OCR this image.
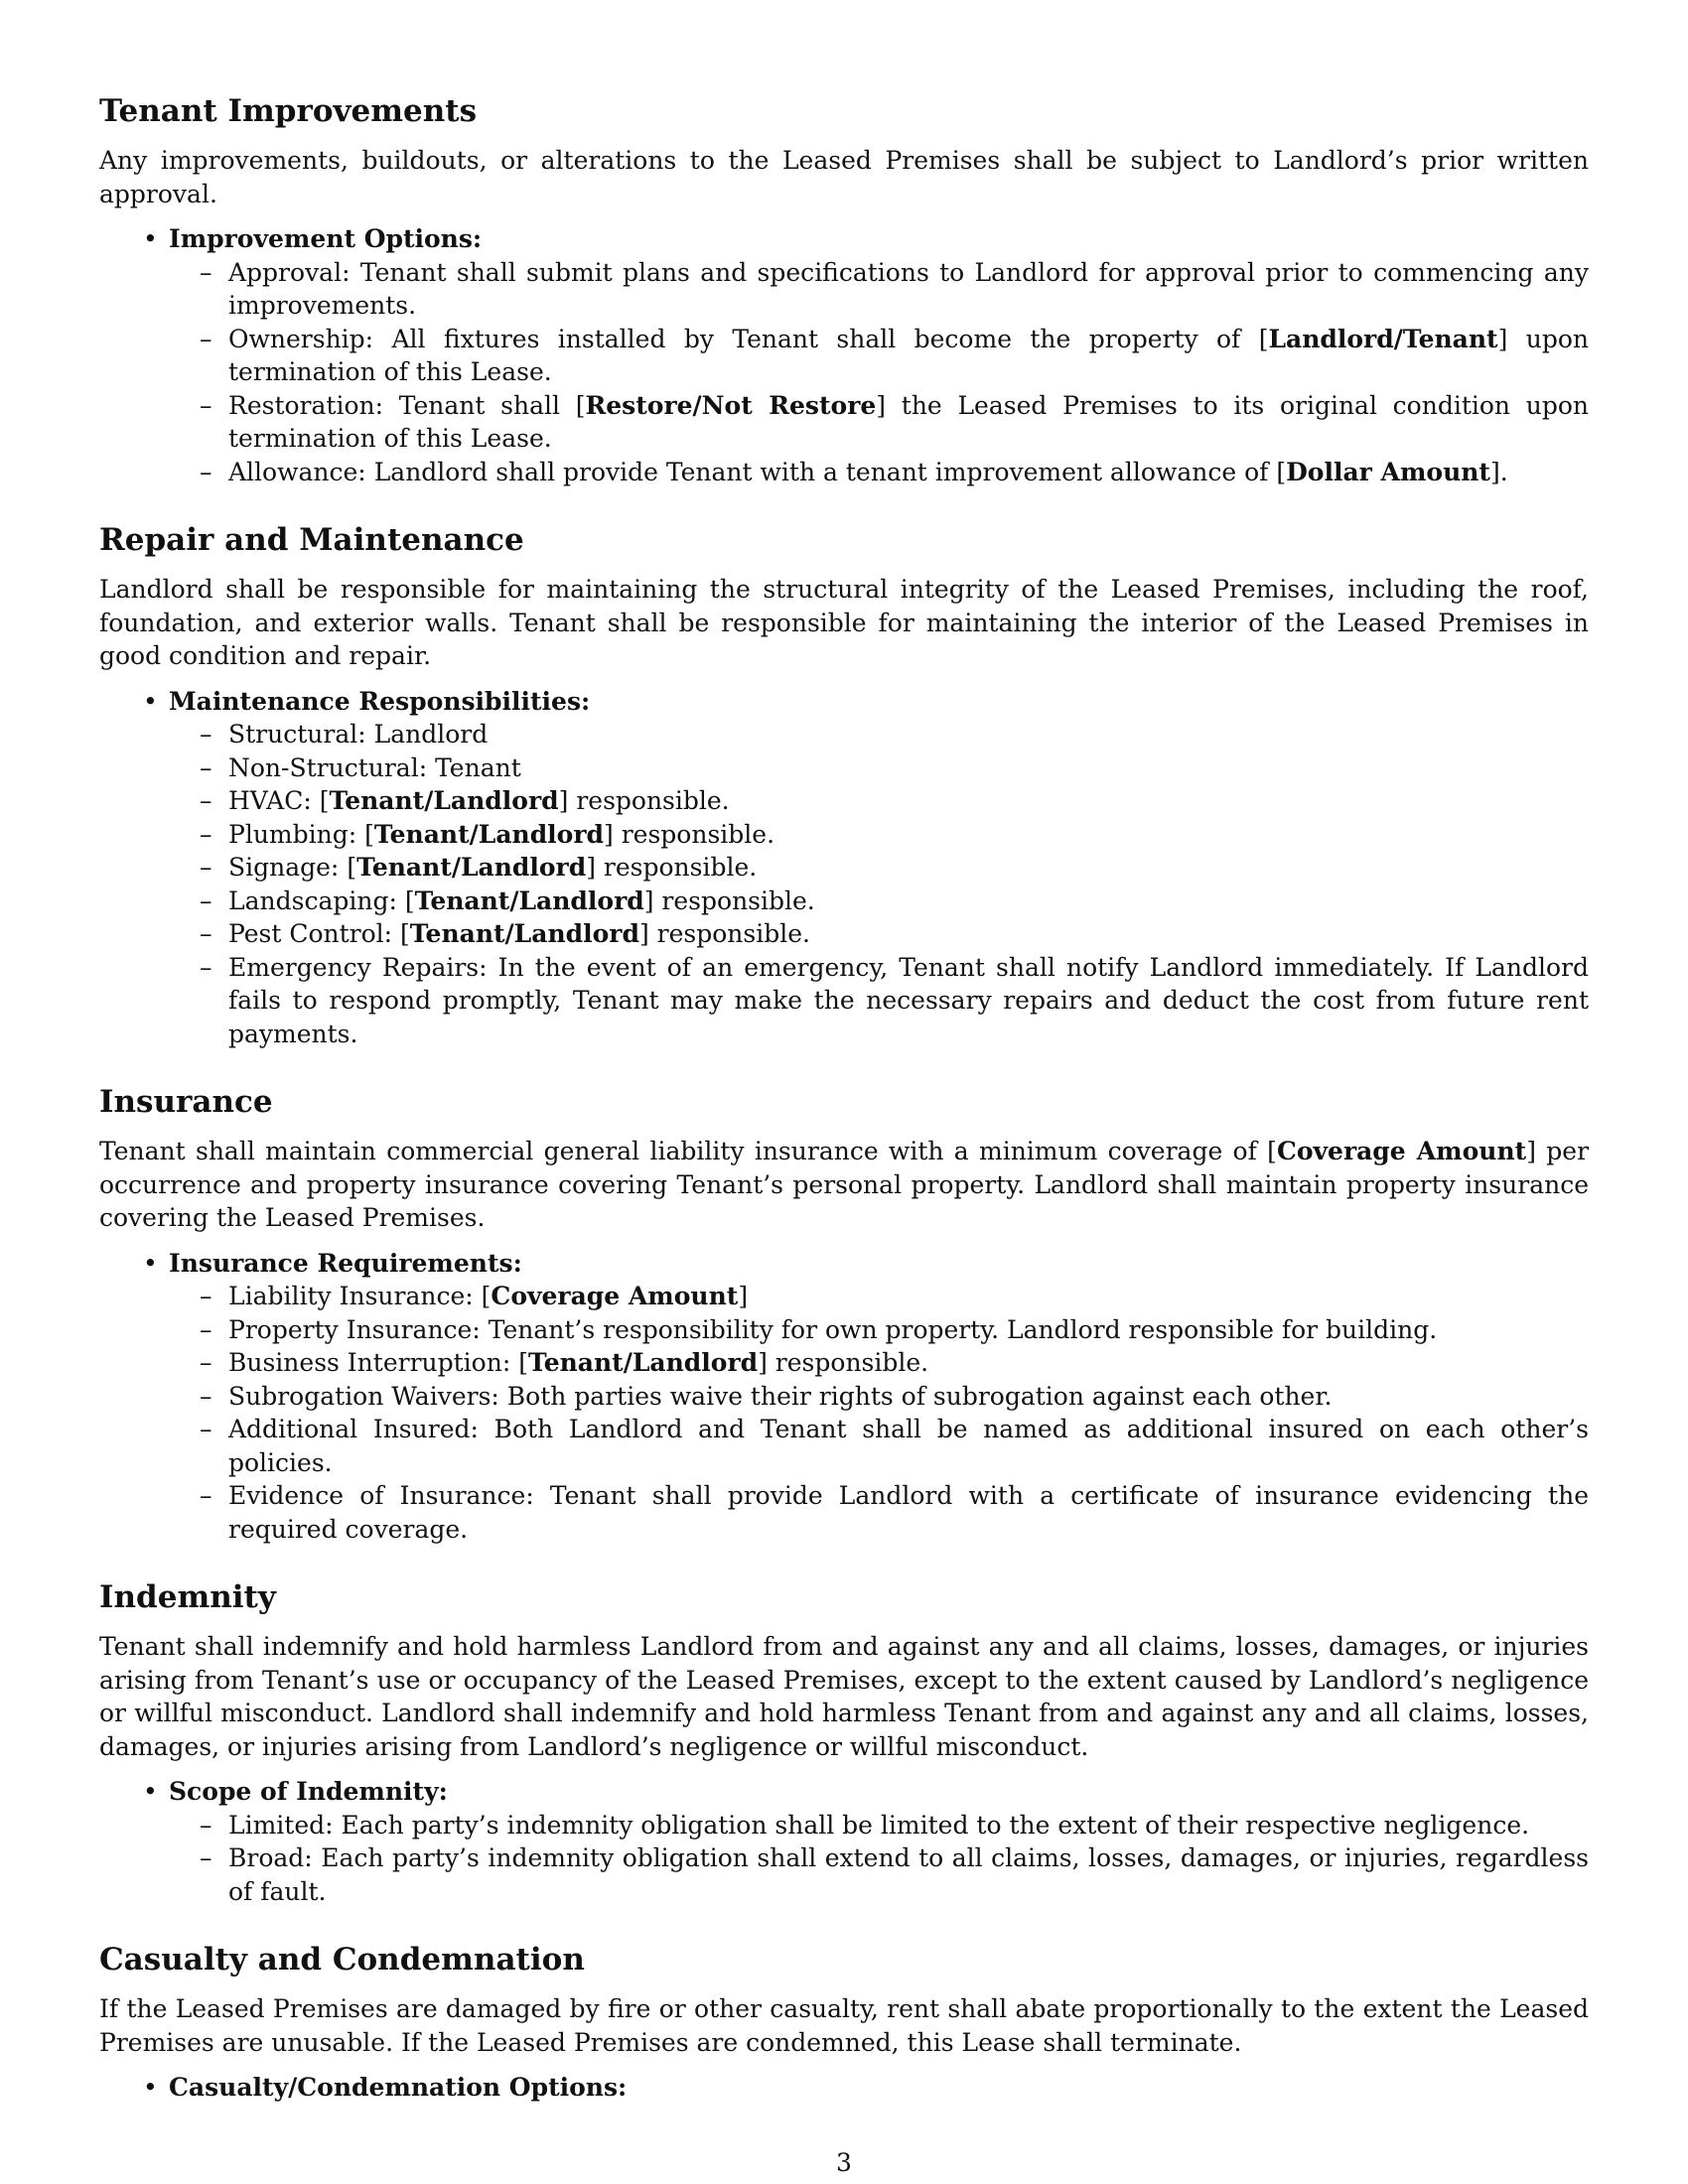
Tenant Improvements

Any improvements, buildouts, or alterations to the Leased Premises shall be subject to Landlord’s prior written approval.

• Improvement Options:
– Approval: Tenant shall submit plans and specifications to Landlord for approval prior to commencing any improvements.
– Ownership: All fixtures installed by Tenant shall become the property of [Landlord/Tenant] upon termination of this Lease.
– Restoration: Tenant shall [Restore/Not Restore] the Leased Premises to its original condition upon termination of this Lease.
– Allowance: Landlord shall provide Tenant with a tenant improvement allowance of [Dollar Amount].
Repair and Maintenance

Landlord shall be responsible for maintaining the structural integrity of the Leased Premises, including the roof, foundation, and exterior walls. Tenant shall be responsible for maintaining the interior of the Leased Premises in good condition and repair.

• Maintenance Responsibilities:
– Structural: Landlord
– Non-Structural: Tenant
– HVAC: [Tenant/Landlord] responsible.
– Plumbing: [Tenant/Landlord] responsible.
– Signage: [Tenant/Landlord] responsible.
– Landscaping: [Tenant/Landlord] responsible.
– Pest Control: [Tenant/Landlord] responsible.
– Emergency Repairs: In the event of an emergency, Tenant shall notify Landlord immediately. If Landlord fails to respond promptly, Tenant may make the necessary repairs and deduct the cost from future rent payments.
Insurance

Tenant shall maintain commercial general liability insurance with a minimum coverage of [Coverage Amount] per occurrence and property insurance covering Tenant’s personal property. Landlord shall maintain property insurance covering the Leased Premises.

• Insurance Requirements:
– Liability Insurance: [Coverage Amount]
– Property Insurance: Tenant’s responsibility for own property. Landlord responsible for building.
– Business Interruption: [Tenant/Landlord] responsible.
– Subrogation Waivers: Both parties waive their rights of subrogation against each other.
– Additional Insured: Both Landlord and Tenant shall be named as additional insured on each other’s policies.
– Evidence of Insurance: Tenant shall provide Landlord with a certificate of insurance evidencing the required coverage.
Indemnity

Tenant shall indemnify and hold harmless Landlord from and against any and all claims, losses, damages, or injuries arising from Tenant’s use or occupancy of the Leased Premises, except to the extent caused by Landlord’s negligence or willful misconduct. Landlord shall indemnify and hold harmless Tenant from and against any and all claims, losses, damages, or injuries arising from Landlord’s negligence or willful misconduct.

• Scope of Indemnity:
– Limited: Each party’s indemnity obligation shall be limited to the extent of their respective negligence.
– Broad: Each party’s indemnity obligation shall extend to all claims, losses, damages, or injuries, regardless of fault.
Casualty and Condemnation

If the Leased Premises are damaged by fire or other casualty, rent shall abate proportionally to the extent the Leased Premises are unusable. If the Leased Premises are condemned, this Lease shall terminate.

• Casualty/Condemnation Options:
3
